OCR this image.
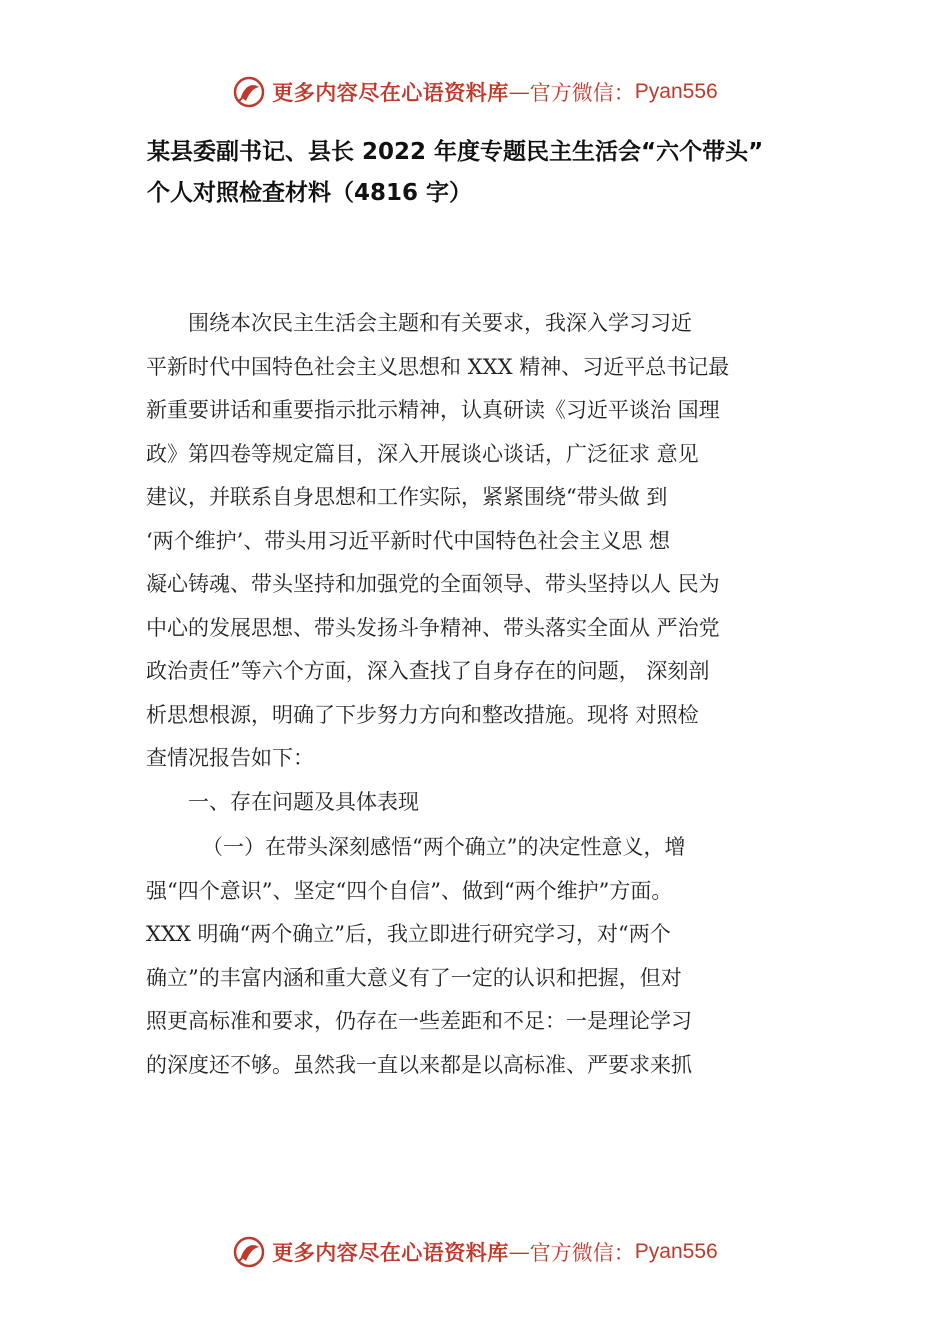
更多内容尽在心语资料库 — 官方微信： Pyan556
某县委副书记、县长 2022 年度专题民主生活会“六个带头”
个人对照检查材料（4816 字）
围绕本次民主生活会主题和有关要求，我深入学习习近
平新时代中国特色社会主义思想和 XXX 精神、习近平总书记最
新重要讲话和重要指示批示精神，认真研读《习近平谈治 国理
政》第四卷等规定篇目，深入开展谈心谈话，广泛征求 意见
建议，并联系自身思想和工作实际，紧紧围绕“带头做 到
‘两个维护’、带头用习近平新时代中国特色社会主义思 想
凝心铸魂、带头坚持和加强党的全面领导、带头坚持以人 民为
中心的发展思想、带头发扬斗争精神、带头落实全面从 严治党
政治责任”等六个方面，深入查找了自身存在的问题， 深刻剖
析思想根源，明确了下步努力方向和整改措施。现将 对照检
查情况报告如下：
一、存在问题及具体表现
（一）在带头深刻感悟“两个确立”的决定性意义，增
强“四个意识”、坚定“四个自信”、做到“两个维护”方面。
XXX 明确“两个确立”后，我立即进行研究学习，对“两个
确立”的丰富内涵和重大意义有了一定的认识和把握，但对
照更高标准和要求，仍存在一些差距和不足：一是理论学习
的深度还不够。虽然我一直以来都是以高标准、严要求来抓
更多内容尽在心语资料库 — 官方微信： Pyan556
